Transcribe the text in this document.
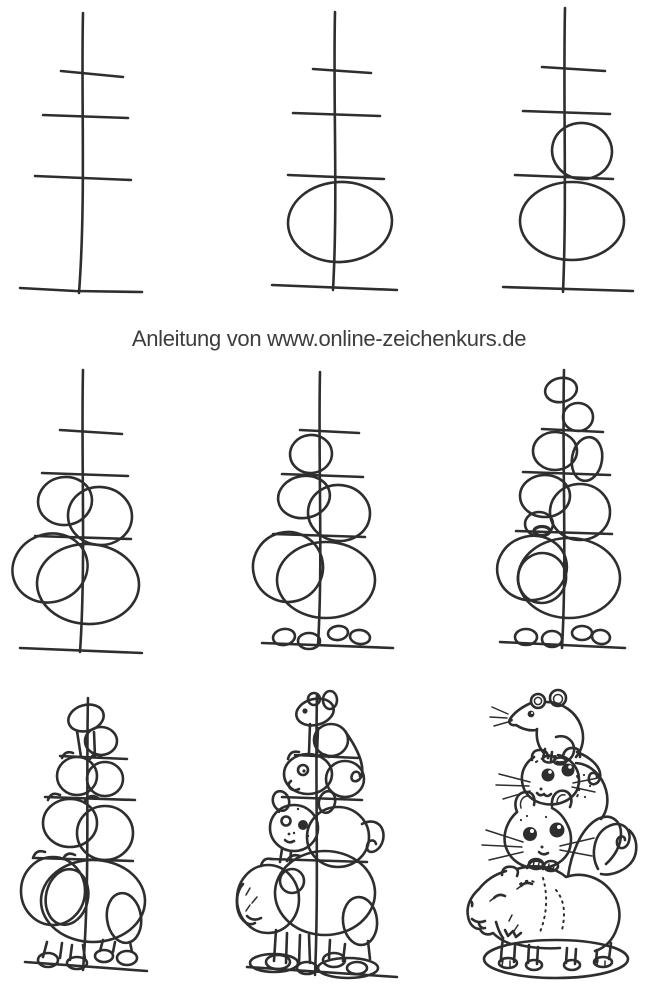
Anleitung von www.online-zeichenkurs.de
